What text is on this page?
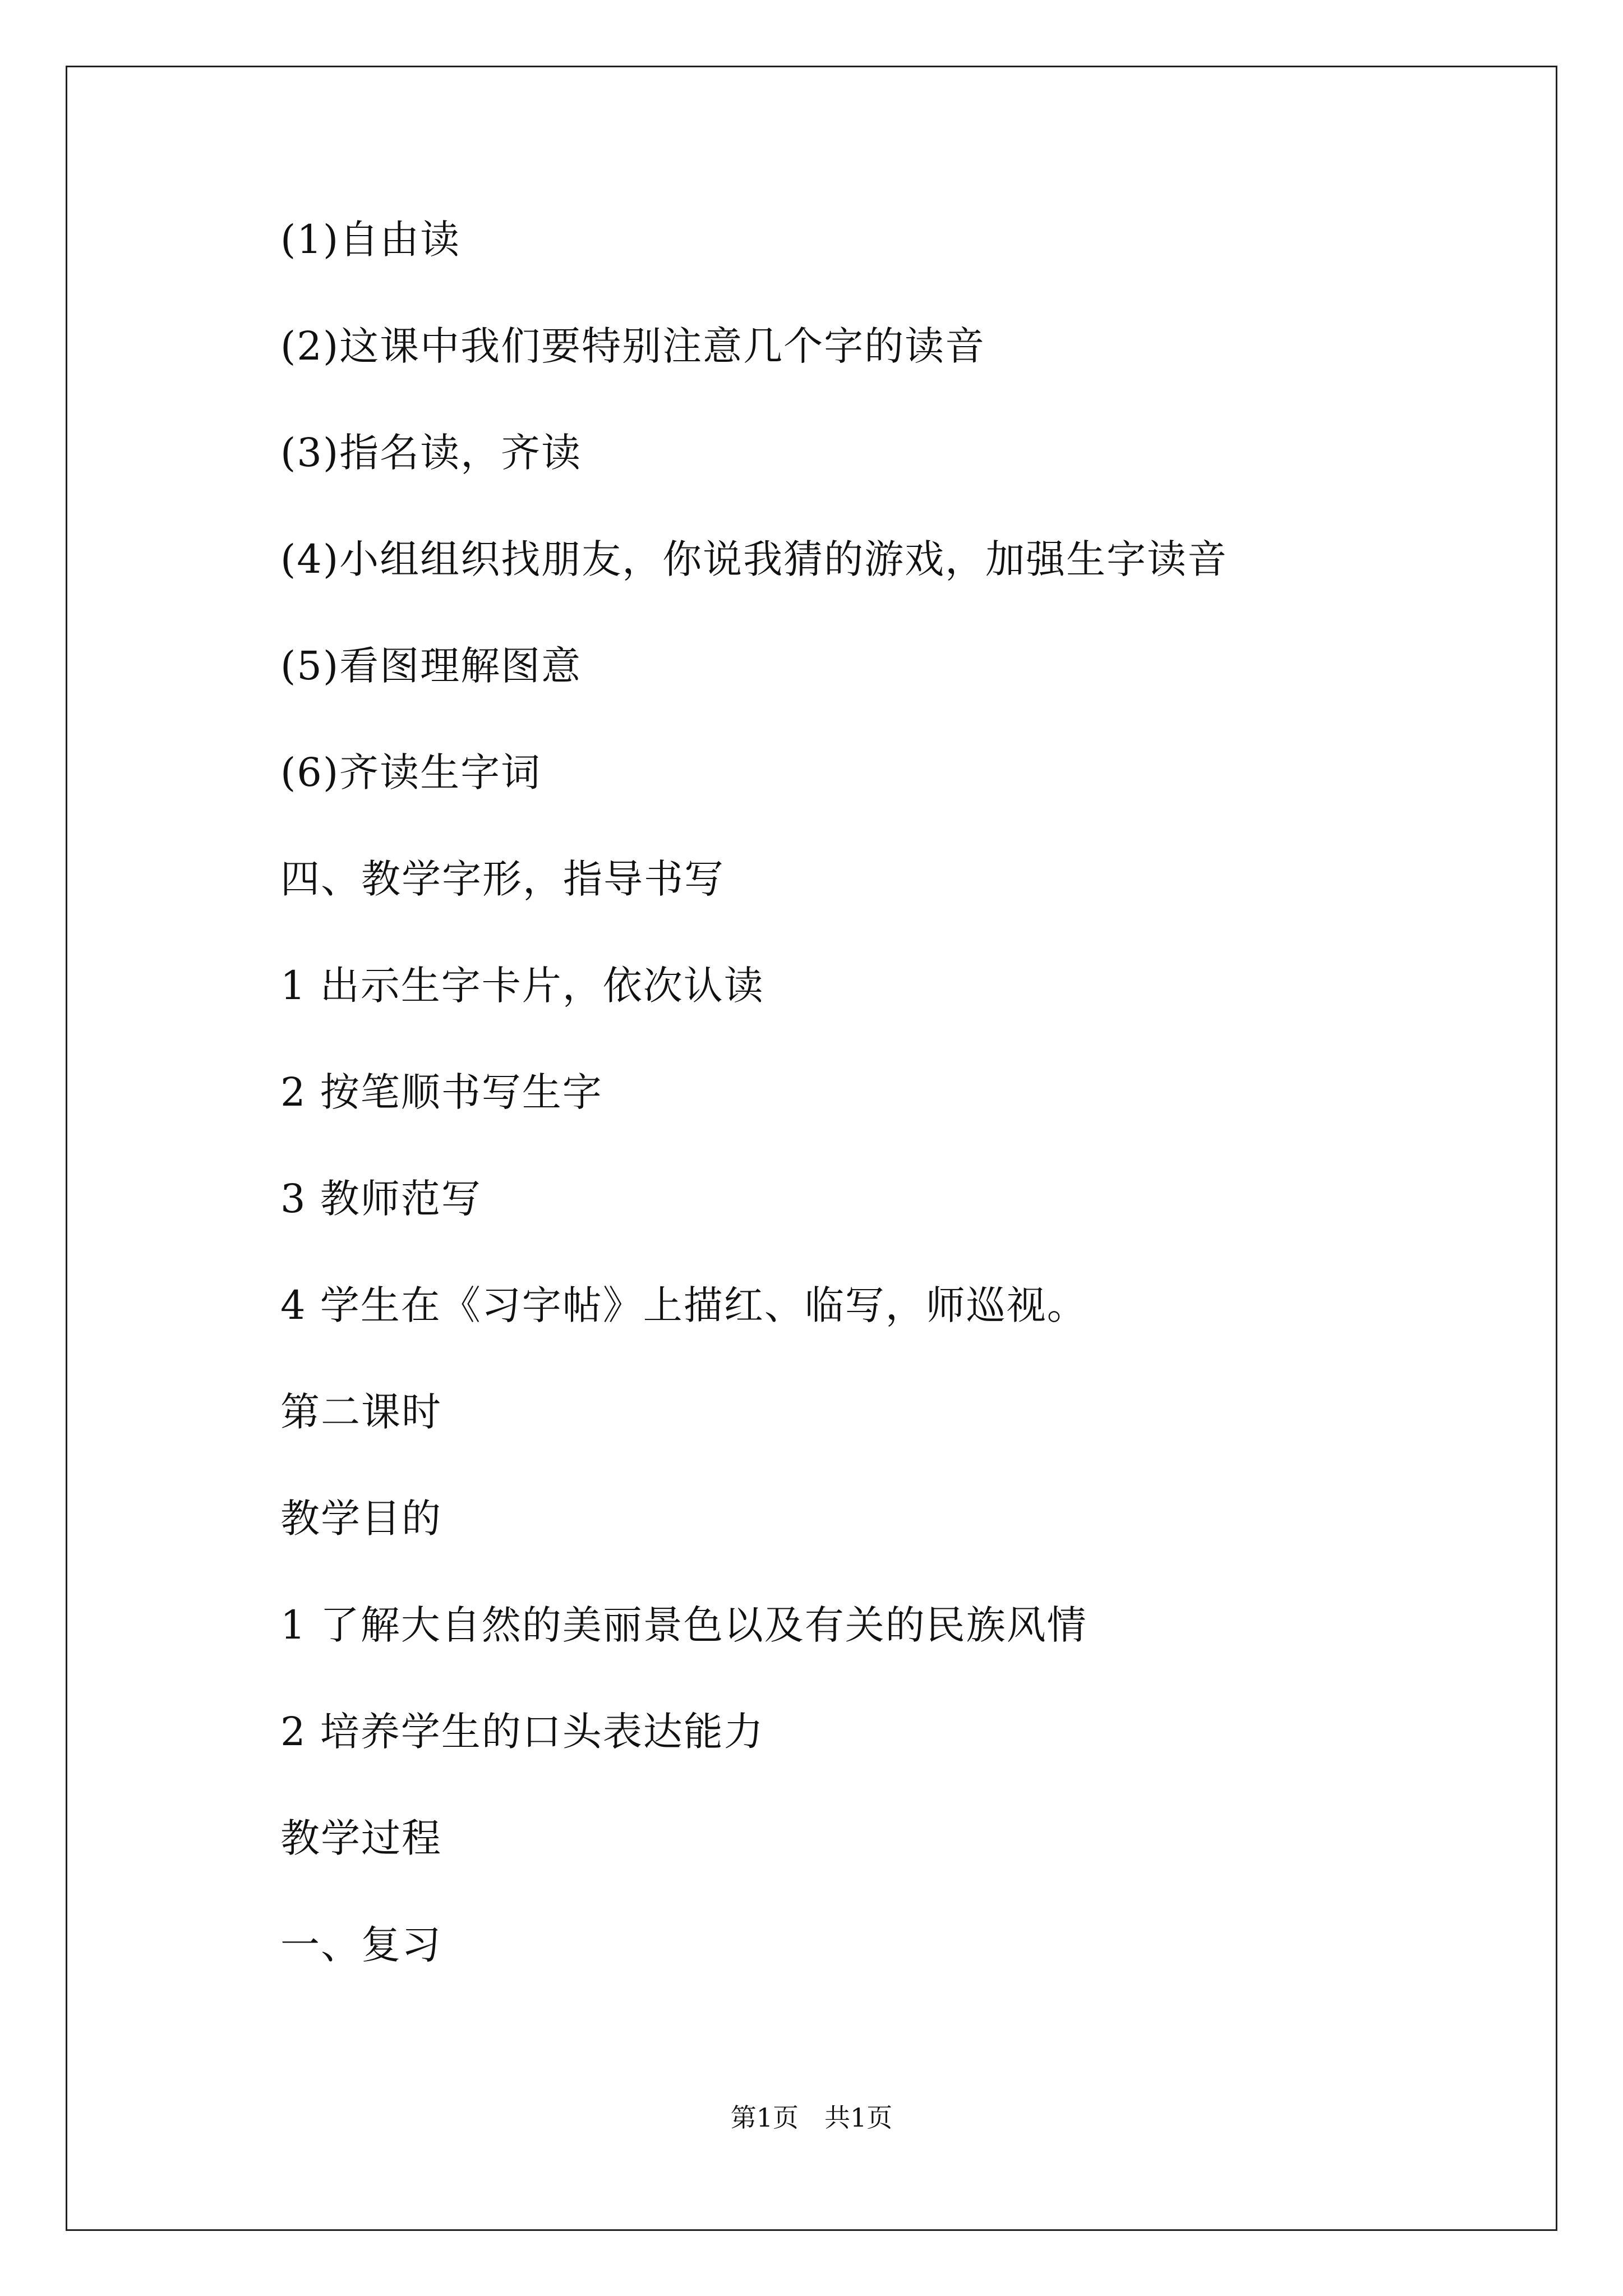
(1)自由读
(2)这课中我们要特别注意几个字的读音
(3)指名读，齐读
(4)小组组织找朋友，你说我猜的游戏，加强生字读音
(5)看图理解图意
(6)齐读生字词
四、教学字形，指导书写
1 出示生字卡片，依次认读
2 按笔顺书写生字
3 教师范写
4 学生在《习字帖》上描红、临写，师巡视。
第二课时
教学目的
1 了解大自然的美丽景色以及有关的民族风情
2 培养学生的口头表达能力
教学过程
一、复习
第1页　共1页
